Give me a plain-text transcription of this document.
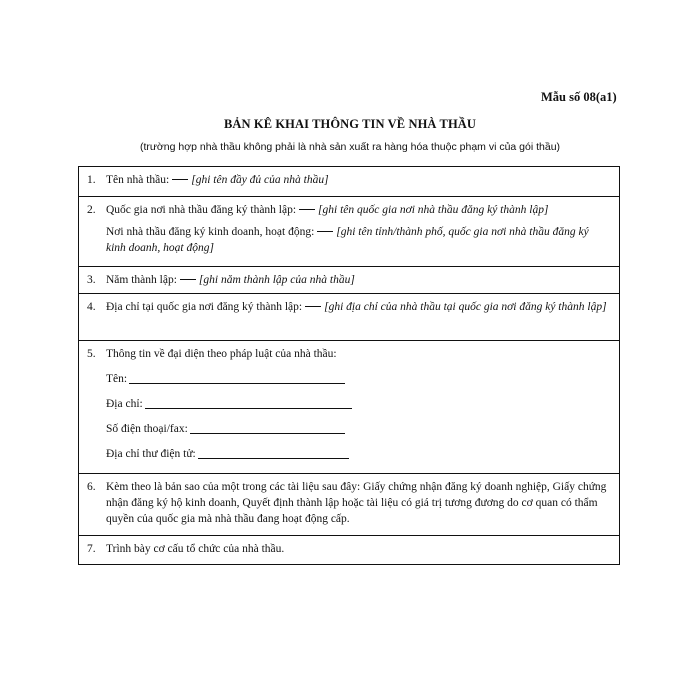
Mẫu số 08(a1)
BẢN KÊ KHAI THÔNG TIN VỀ NHÀ THẦU
(trường hợp nhà thầu không phải là nhà sản xuất ra hàng hóa thuộc phạm vi của gói thầu)
1. Tên nhà thầu: [ghi tên đầy đủ của nhà thầu]
2. Quốc gia nơi nhà thầu đăng ký thành lập: [ghi tên quốc gia nơi nhà thầu đăng ký thành lập]
Nơi nhà thầu đăng ký kinh doanh, hoạt động: [ghi tên tỉnh/thành phố, quốc gia nơi nhà thầu đăng ký kinh doanh, hoạt động]
3. Năm thành lập: [ghi năm thành lập của nhà thầu]
4. Địa chỉ tại quốc gia nơi đăng ký thành lập: [ghi địa chỉ của nhà thầu tại quốc gia nơi đăng ký thành lập]
5. Thông tin về đại diện theo pháp luật của nhà thầu:
Tên:
Địa chỉ:
Số điện thoại/fax:
Địa chỉ thư điện tử:
6. Kèm theo là bản sao của một trong các tài liệu sau đây: Giấy chứng nhận đăng ký doanh nghiệp, Giấy chứng nhận đăng ký hộ kinh doanh, Quyết định thành lập hoặc tài liệu có giá trị tương đương do cơ quan có thẩm quyền của quốc gia mà nhà thầu đang hoạt động cấp.
7. Trình bày cơ cấu tổ chức của nhà thầu.
